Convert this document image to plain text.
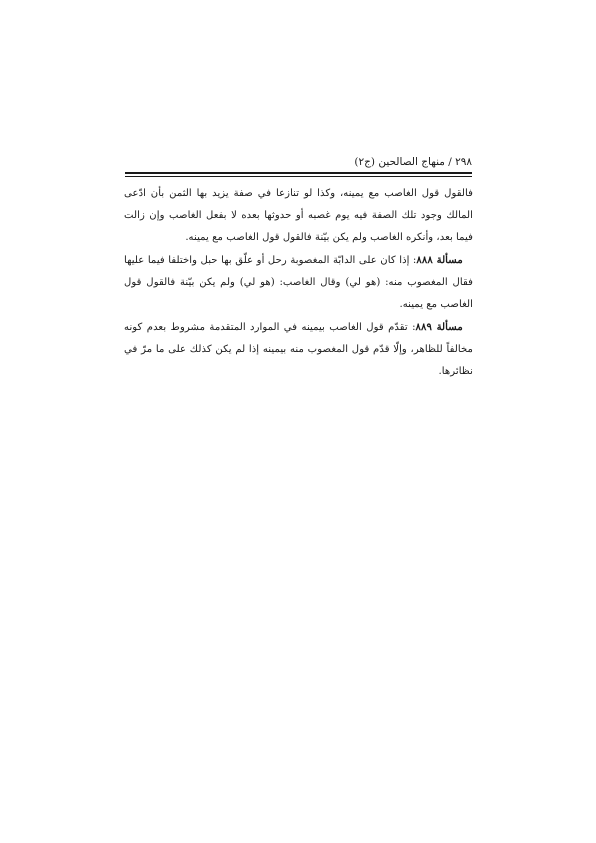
٢٩٨ / منهاج الصالحين (ج٢)

فالقول قول الغاصب مع يمينه، وكذا لو تنازعا في صفة يزيد بها الثمن بأن ادّعى المالك وجود تلك الصفة فيه يوم غصبه أو حدوثها بعده لا بفعل الغاصب وإن زالت فيما بعد، وأنكره الغاصب ولم يكن بيّنة فالقول قول الغاصب مع يمينه.

 مسألة ٨٨٨: إذا كان على الدابّة المغصوبة رحل أو علّق بها حبل واختلفا فيما عليها فقال المغصوب منه: (هو لي) وقال الغاصب: (هو لي) ولم يكن بيّنة فالقول قول الغاصب مع يمينه.

 مسألة ٨٨٩: تقدّم قول الغاصب بيمينه في الموارد المتقدمة مشروط بعدم كونه مخالفاً للظاهر، وإلّا قدّم قول المغصوب منه بيمينه إذا لم يكن كذلك على ما مرّ في نظائرها.
